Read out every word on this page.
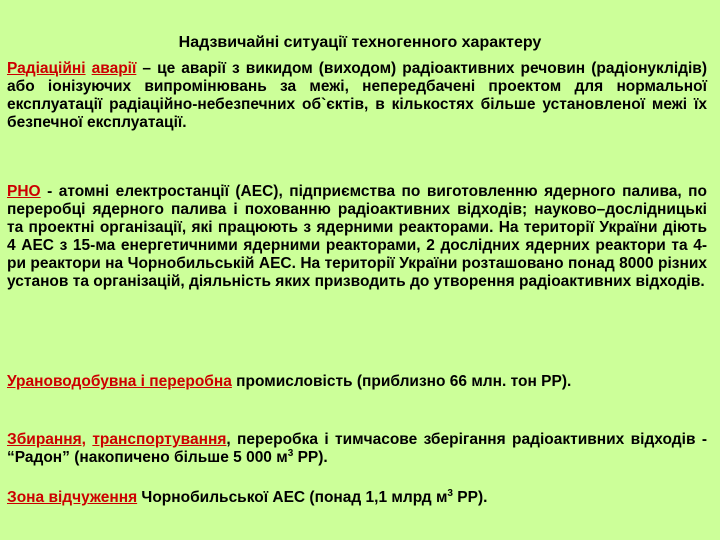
Надзвичайні ситуації техногенного характеру
Радіаційні аварії – це аварії з викидом (виходом) радіоактивних речовин (радіонуклідів) або іонізуючих випромінювань за межі, непередбачені проектом для нормальної експлуатації радіаційно-небезпечних об`єктів, в кількостях більше установленої межі їх безпечної експлуатації.
РНО - атомні електростанції (АЕС), підприємства по виготовленню ядерного палива, по переробці ядерного палива і похованню радіоактивних відходів; науково–дослідницькі та проектні організації, які працюють з ядерними реакторами. На території України діють 4 АЕС з 15-ма енергетичними ядерними реакторами, 2 дослідних ядерних реактори та 4-ри реактори на Чорнобильській АЕС. На території України розташовано понад 8000 різних установ та організацій, діяльність яких призводить до утворення радіоактивних відходів.
Урановодобувна і переробна промисловість (приблизно 66 млн. тон РР).
Збирання, транспортування, переробка і тимчасове зберігання радіоактивних відходів - “Радон” (накопичено більше 5 000 $м^3$ РР).
Зона відчуження Чорнобильської АЕС (понад 1,1 млрд $м^3$ РР).
